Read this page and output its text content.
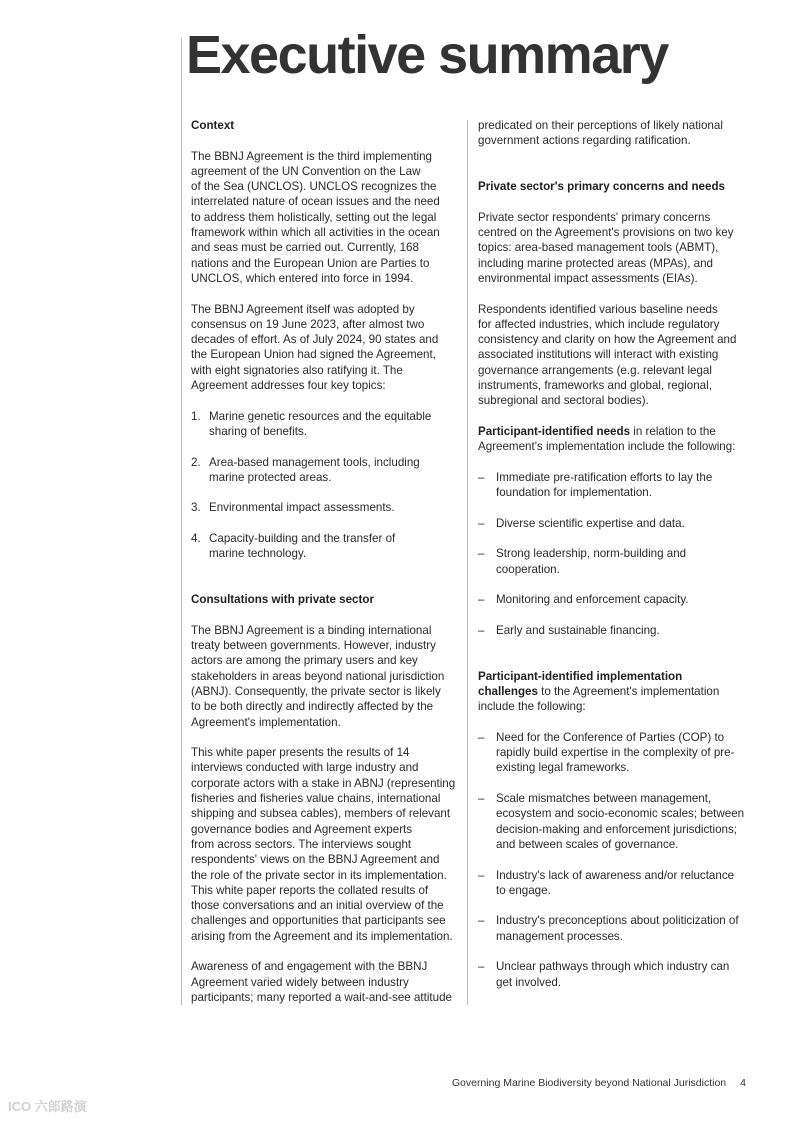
Executive summary

Context

The BBNJ Agreement is the third implementing
agreement of the UN Convention on the Law
of the Sea (UNCLOS). UNCLOS recognizes the
interrelated nature of ocean issues and the need
to address them holistically, setting out the legal
framework within which all activities in the ocean
and seas must be carried out. Currently, 168
nations and the European Union are Parties to
UNCLOS, which entered into force in 1994.

The BBNJ Agreement itself was adopted by
consensus on 19 June 2023, after almost two
decades of effort. As of July 2024, 90 states and
the European Union had signed the Agreement,
with eight signatories also ratifying it. The
Agreement addresses four key topics:

1. Marine genetic resources and the equitable
sharing of benefits.
2. Area-based management tools, including
marine protected areas.
3. Environmental impact assessments.
4. Capacity-building and the transfer of
marine technology.

Consultations with private sector

The BBNJ Agreement is a binding international
treaty between governments. However, industry
actors are among the primary users and key
stakeholders in areas beyond national jurisdiction
(ABNJ). Consequently, the private sector is likely
to be both directly and indirectly affected by the
Agreement's implementation.

This white paper presents the results of 14
interviews conducted with large industry and
corporate actors with a stake in ABNJ (representing
fisheries and fisheries value chains, international
shipping and subsea cables), members of relevant
governance bodies and Agreement experts
from across sectors. The interviews sought
respondents' views on the BBNJ Agreement and
the role of the private sector in its implementation.
This white paper reports the collated results of
those conversations and an initial overview of the
challenges and opportunities that participants see
arising from the Agreement and its implementation.

Awareness of and engagement with the BBNJ
Agreement varied widely between industry
participants; many reported a wait-and-see attitude

predicated on their perceptions of likely national
government actions regarding ratification.

Private sector's primary concerns and needs

Private sector respondents' primary concerns
centred on the Agreement's provisions on two key
topics: area-based management tools (ABMT),
including marine protected areas (MPAs), and
environmental impact assessments (EIAs).

Respondents identified various baseline needs
for affected industries, which include regulatory
consistency and clarity on how the Agreement and
associated institutions will interact with existing
governance arrangements (e.g. relevant legal
instruments, frameworks and global, regional,
subregional and sectoral bodies).

Participant-identified needs in relation to the
Agreement's implementation include the following:

– Immediate pre-ratification efforts to lay the
foundation for implementation.
– Diverse scientific expertise and data.
– Strong leadership, norm-building and
cooperation.
– Monitoring and enforcement capacity.
– Early and sustainable financing.

Participant-identified implementation
challenges to the Agreement's implementation
include the following:

– Need for the Conference of Parties (COP) to
rapidly build expertise in the complexity of pre-
existing legal frameworks.
– Scale mismatches between management,
ecosystem and socio-economic scales; between
decision-making and enforcement jurisdictions;
and between scales of governance.
– Industry's lack of awareness and/or reluctance
to engage.
– Industry's preconceptions about politicization of
management processes.
– Unclear pathways through which industry can
get involved.
Governing Marine Biodiversity beyond National Jurisdiction 4
ICO 六郎路演
